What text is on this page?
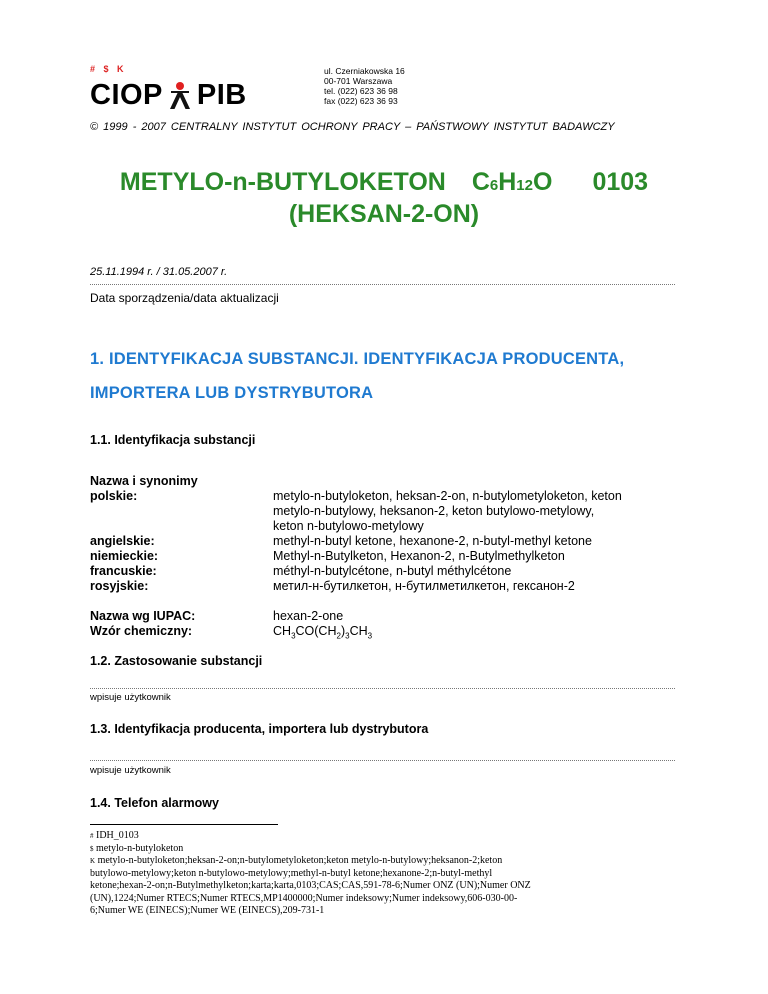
# $ K
CIOP PIB
ul. Czerniakowska 16
00-701 Warszawa
tel. (022) 623 36 98
fax (022) 623 36 93
© 1999 - 2007 CENTRALNY INSTYTUT OCHRONY PRACY – PAŃSTWOWY INSTYTUT BADAWCZY
METYLO-n-BUTYLOKETON C6H12O 0103
(HEKSAN-2-ON)
25.11.1994 r. / 31.05.2007 r.
Data sporządzenia/data aktualizacji
1. IDENTYFIKACJA SUBSTANCJI. IDENTYFIKACJA PRODUCENTA,
IMPORTERA LUB DYSTRYBUTORA
1.1. Identyfikacja substancji
Nazwa i synonimy
polskie:	metylo-n-butyloketon, heksan-2-on, n-butylometyloketon, keton
metylo-n-butylowy, heksanon-2, keton butylowo-metylowy,
keton n-butylowo-metylowy
angielskie:	methyl-n-butyl ketone, hexanone-2, n-butyl-methyl ketone
niemieckie:	Methyl-n-Butylketon, Hexanon-2, n-Butylmethylketon
francuskie:	méthyl-n-butylcétone, n-butyl méthylcétone
rosyjskie:	метил-н-бутилкетон, н-бутилметилкетон, гексанон-2
Nazwa wg IUPAC:	hexan-2-one
Wzór chemiczny:	$CH_3CO(CH_2)_3CH_3$
1.2. Zastosowanie substancji
wpisuje użytkownik
1.3. Identyfikacja producenta, importera lub dystrybutora
wpisuje użytkownik
1.4. Telefon alarmowy
# IDH_0103
$ metylo-n-butyloketon
$^K$ metylo-n-butyloketon;heksan-2-on;n-butylometyloketon;keton metylo-n-butylowy;heksanon-2;keton
butylowo-metylowy;keton n-butylowo-metylowy;methyl-n-butyl ketone;hexanone-2;n-butyl-methyl
ketone;hexan-2-on;n-Butylmethylketon;karta;karta,0103;CAS;CAS,591-78-6;Numer ONZ (UN);Numer ONZ
(UN),1224;Numer RTECS;Numer RTECS,MP1400000;Numer indeksowy;Numer indeksowy,606-030-00-
6;Numer WE (EINECS);Numer WE (EINECS),209-731-1
